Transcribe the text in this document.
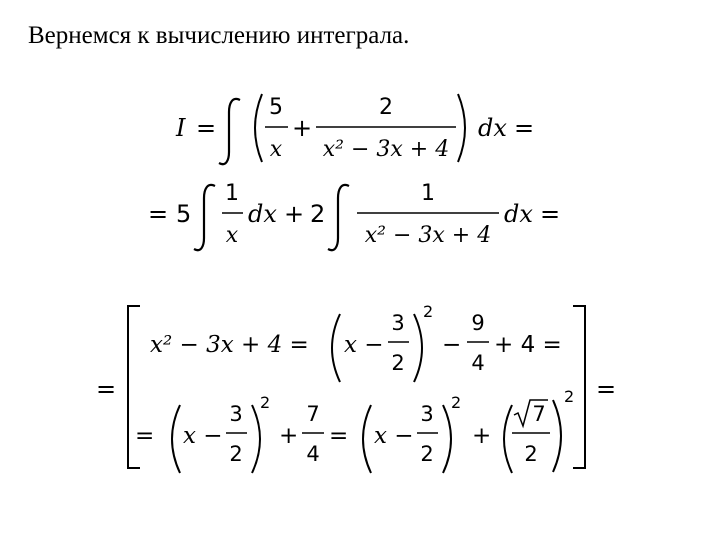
Вернемся к вычислению интеграла.
I =
5
x
+
2
x² − 3x + 4
dx =
= 5
1
x
dx + 2
1
x² − 3x + 4
dx =
=	=
x² − 3x + 4 = x −
3
2
2
−
9
4
+ 4 =
= x −
3
2
2
+
7
4
= x −
3
2
2
+
7
2
2
